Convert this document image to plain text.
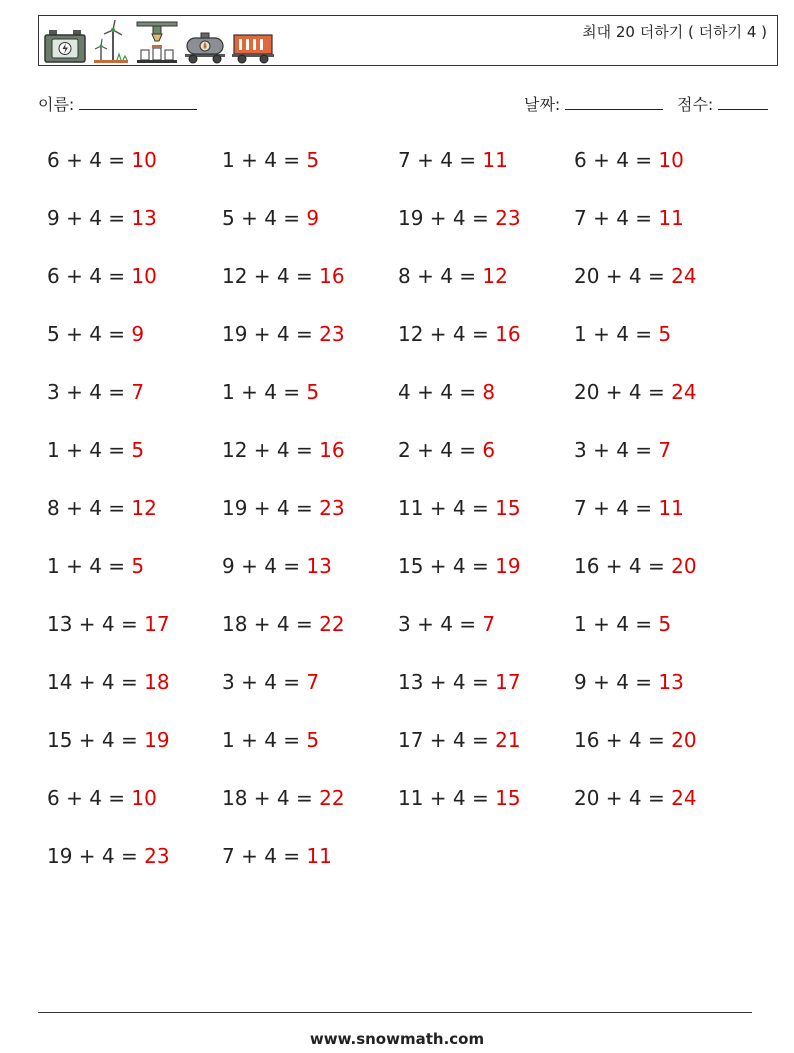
최대 20 더하기 ( 더하기 4 )
이름:	날짜:	점수:
6 + 4 = 10	1 + 4 = 5	7 + 4 = 11	6 + 4 = 10
9 + 4 = 13	5 + 4 = 9	19 + 4 = 23	7 + 4 = 11
6 + 4 = 10	12 + 4 = 16	8 + 4 = 12	20 + 4 = 24
5 + 4 = 9	19 + 4 = 23	12 + 4 = 16	1 + 4 = 5
3 + 4 = 7	1 + 4 = 5	4 + 4 = 8	20 + 4 = 24
1 + 4 = 5	12 + 4 = 16	2 + 4 = 6	3 + 4 = 7
8 + 4 = 12	19 + 4 = 23	11 + 4 = 15	7 + 4 = 11
1 + 4 = 5	9 + 4 = 13	15 + 4 = 19	16 + 4 = 20
13 + 4 = 17	18 + 4 = 22	3 + 4 = 7	1 + 4 = 5
14 + 4 = 18	3 + 4 = 7	13 + 4 = 17	9 + 4 = 13
15 + 4 = 19	1 + 4 = 5	17 + 4 = 21	16 + 4 = 20
6 + 4 = 10	18 + 4 = 22	11 + 4 = 15	20 + 4 = 24
19 + 4 = 23	7 + 4 = 11
www.snowmath.com
